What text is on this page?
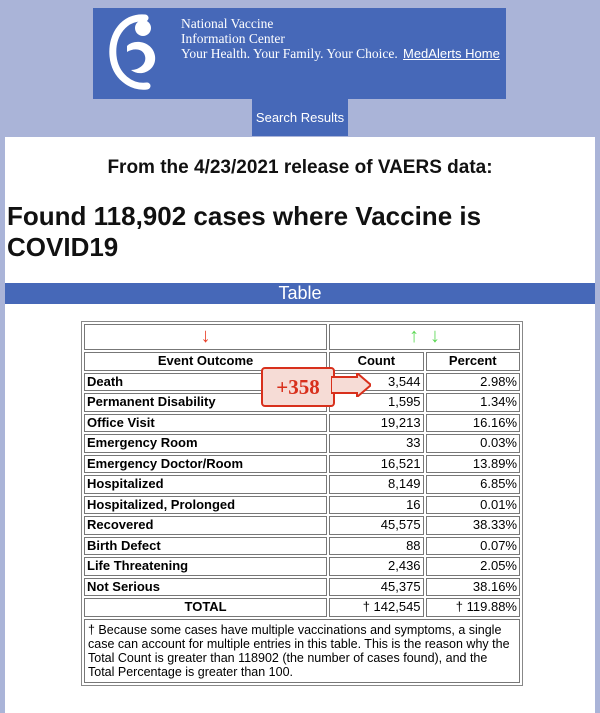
National Vaccine
Information Center
Your Health. Your Family. Your Choice. MedAlerts Home
Search Results
From the 4/23/2021 release of VAERS data:
Found 118,902 cases where Vaccine is COVID19
Table
↓	↑ ↓	
Event Outcome	Count	Percent
Death	3,544	2.98%
Permanent Disability	1,595	1.34%
Office Visit	19,213	16.16%
Emergency Room	33	0.03%
Emergency Doctor/Room	16,521	13.89%
Hospitalized	8,149	6.85%
Hospitalized, Prolonged	16	0.01%
Recovered	45,575	38.33%
Birth Defect	88	0.07%
Life Threatening	2,436	2.05%
Not Serious	45,375	38.16%
TOTAL	† 142,545	† 119.88%
† Because some cases have multiple vaccinations and symptoms, a single case can account for multiple entries in this table. This is the reason why the Total Count is greater than 118902 (the number of cases found), and the Total Percentage is greater than 100.		
+358
